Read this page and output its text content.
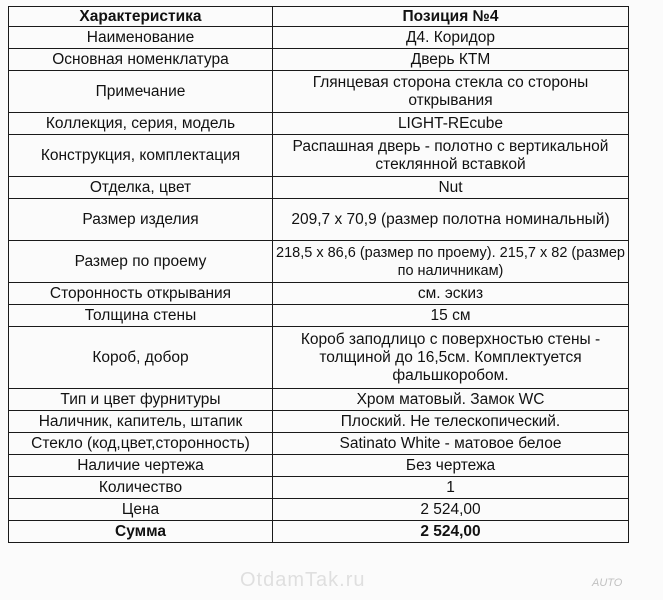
Характеристика	Позиция №4
Наименование	Д4. Коридор
Основная номенклатура	Дверь КТМ
Примечание	Глянцевая сторона стекла со стороны открывания
Коллекция, серия, модель	LIGHT-REcube
Конструкция, комплектация	Распашная дверь - полотно с вертикальной стеклянной вставкой
Отделка, цвет	Nut
Размер изделия	209,7 x 70,9 (размер полотна номинальный)
Размер по проему	218,5 x 86,6 (размер по проему). 215,7 x 82 (размер по наличникам)
Сторонность открывания	см. эскиз
Толщина стены	15 см
Короб, добор	Короб заподлицо с поверхностью стены - толщиной до 16,5см. Комплектуется фальшкоробом.
Тип и цвет фурнитуры	Хром матовый. Замок WC
Наличник, капитель, штапик	Плоский. Не телескопический.
Стекло (код,цвет,сторонность)	Satinato White - матовое белое
Наличие чертежа	Без чертежа
Количество	1
Цена	2 524,00
Сумма	2 524,00
OtdamTak.ru	AUTO
